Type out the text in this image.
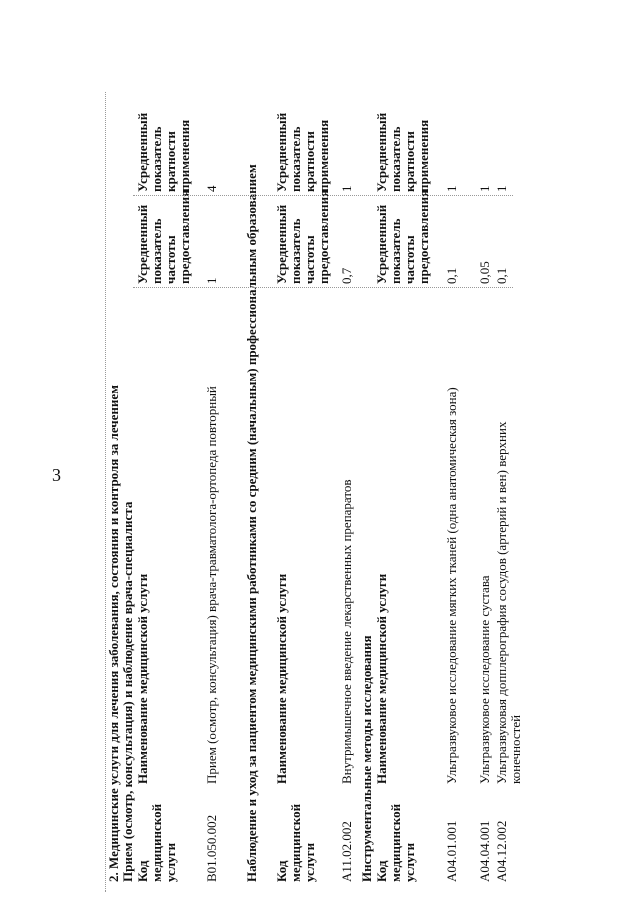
3	2. Медицинские услуги для лечения заболевания, состояния и контроля за лечением Прием (осмотр, консультация) и наблюдение врача-специалиста Код медицинской услуги
Наименование медицинской услуги
Усредненный показатель частоты предоставления
Усредненный показатель кратности применения
B01.050.002
Прием (осмотр, консультация) врача-травматолога-ортопеда повторный
1
4 Наблюдение и уход за пациентом медицинскими работниками со средним (начальным) профессиональным образованием Код медицинской услуги
Наименование медицинской услуги
Усредненный показатель частоты предоставления
Усредненный показатель кратности применения
A11.02.002
Внутримышечное введение лекарственных препаратов
0,7
1
Инструментальные методы исследования Код медицинской услуги
Наименование медицинской услуги
Усредненный показатель частоты предоставления
Усредненный показатель кратности применения
A04.01.001
Ультразвуковое исследование мягких тканей (одна анатомическая зона)
0,1
1
A04.04.001
Ультразвуковое исследование сустава
0,05
1
A04.12.002
Ультразвуковая допплерография сосудов (артерий и вен) верхних конечностей
0,1
1
